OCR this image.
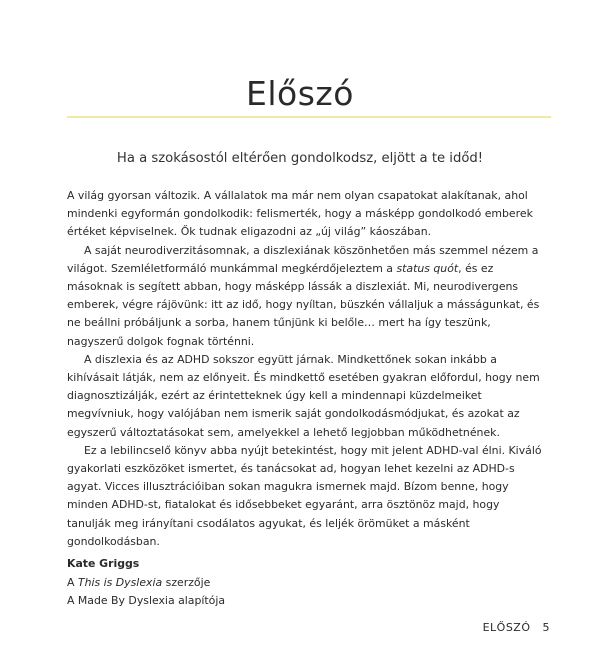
Előszó
Ha a szokásostól eltérően gondolkodsz, eljött a te időd!

A világ gyorsan változik. A vállalatok ma már nem olyan csapatokat alakítanak, ahol mindenki egyformán gondolkodik: felismerték, hogy a másképp gondolkodó emberek értéket képviselnek. Ők tudnak eligazodni az „új világ” káoszában.

A saját neurodiverzitásomnak, a diszlexiának köszönhetően más szemmel nézem a világot. Szemléletformáló munkámmal megkérdőjeleztem a status quót, és ez másoknak is segített abban, hogy másképp lássák a diszlexiát. Mi, neurodivergens emberek, végre rájövünk: itt az idő, hogy nyíltan, büszkén vállaljuk a másságunkat, és ne beállni próbáljunk a sorba, hanem tűnjünk ki belőle… mert ha így teszünk, nagyszerű dolgok fognak történni.

A diszlexia és az ADHD sokszor együtt járnak. Mindkettőnek sokan inkább a kihívásait látják, nem az előnyeit. És mindkettő esetében gyakran előfordul, hogy nem diagnosztizálják, ezért az érintetteknek úgy kell a mindennapi küzdelmeiket megvívniuk, hogy valójában nem ismerik saját gondolkodásmódjukat, és azokat az egyszerű változtatásokat sem, amelyekkel a lehető legjobban működhetnének.

Ez a lebilincselő könyv abba nyújt betekintést, hogy mit jelent ADHD-val élni. Kiváló gyakorlati eszközöket ismertet, és tanácsokat ad, hogyan lehet kezelni az ADHD-s agyat. Vicces illusztrációiban sokan magukra ismernek majd. Bízom benne, hogy minden ADHD-st, fiatalokat és idősebbeket egyaránt, arra ösztönöz majd, hogy tanulják meg irányítani csodálatos agyukat, és leljék örömüket a másként gondolkodásban.

Kate Griggs
A This is Dyslexia szerzője
A Made By Dyslexia alapítója
ELŐSZÓ 5
